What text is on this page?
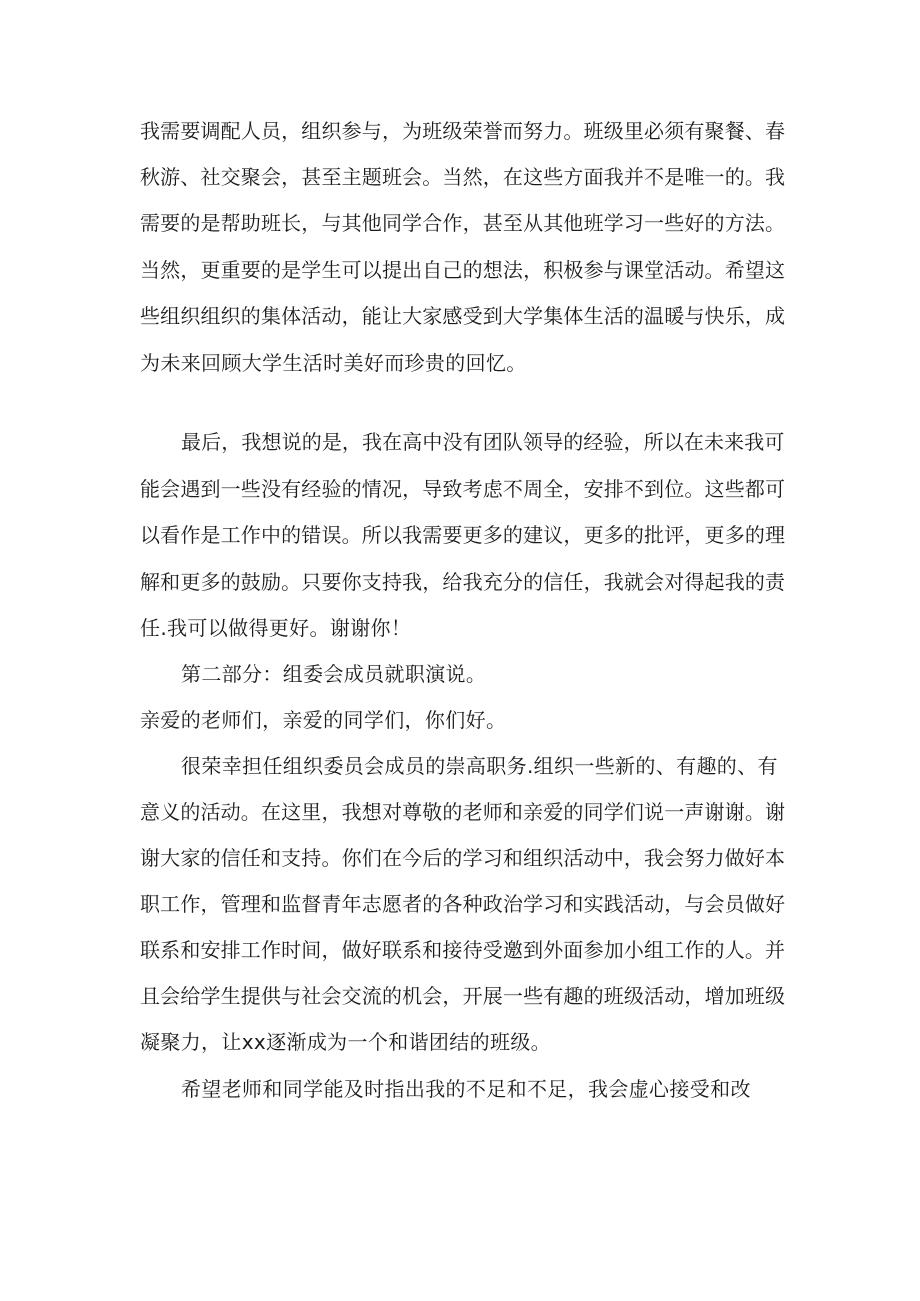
我需要调配人员，组织参与，为班级荣誉而努力。班级里必须有聚餐、春

秋游、社交聚会，甚至主题班会。当然，在这些方面我并不是唯一的。我

需要的是帮助班长，与其他同学合作，甚至从其他班学习一些好的方法。

当然，更重要的是学生可以提出自己的想法，积极参与课堂活动。希望这

些组织组织的集体活动，能让大家感受到大学集体生活的温暖与快乐，成

为未来回顾大学生活时美好而珍贵的回忆。

最后，我想说的是，我在高中没有团队领导的经验，所以在未来我可

能会遇到一些没有经验的情况，导致考虑不周全，安排不到位。这些都可

以看作是工作中的错误。所以我需要更多的建议，更多的批评，更多的理

解和更多的鼓励。只要你支持我，给我充分的信任，我就会对得起我的责

任.我可以做得更好。谢谢你！

第二部分：组委会成员就职演说。

亲爱的老师们，亲爱的同学们，你们好。

很荣幸担任组织委员会成员的崇高职务.组织一些新的、有趣的、有

意义的活动。在这里，我想对尊敬的老师和亲爱的同学们说一声谢谢。谢

谢大家的信任和支持。你们在今后的学习和组织活动中，我会努力做好本

职工作，管理和监督青年志愿者的各种政治学习和实践活动，与会员做好

联系和安排工作时间，做好联系和接待受邀到外面参加小组工作的人。并

且会给学生提供与社会交流的机会，开展一些有趣的班级活动，增加班级

凝聚力，让xx逐渐成为一个和谐团结的班级。

希望老师和同学能及时指出我的不足和不足，我会虚心接受和改
